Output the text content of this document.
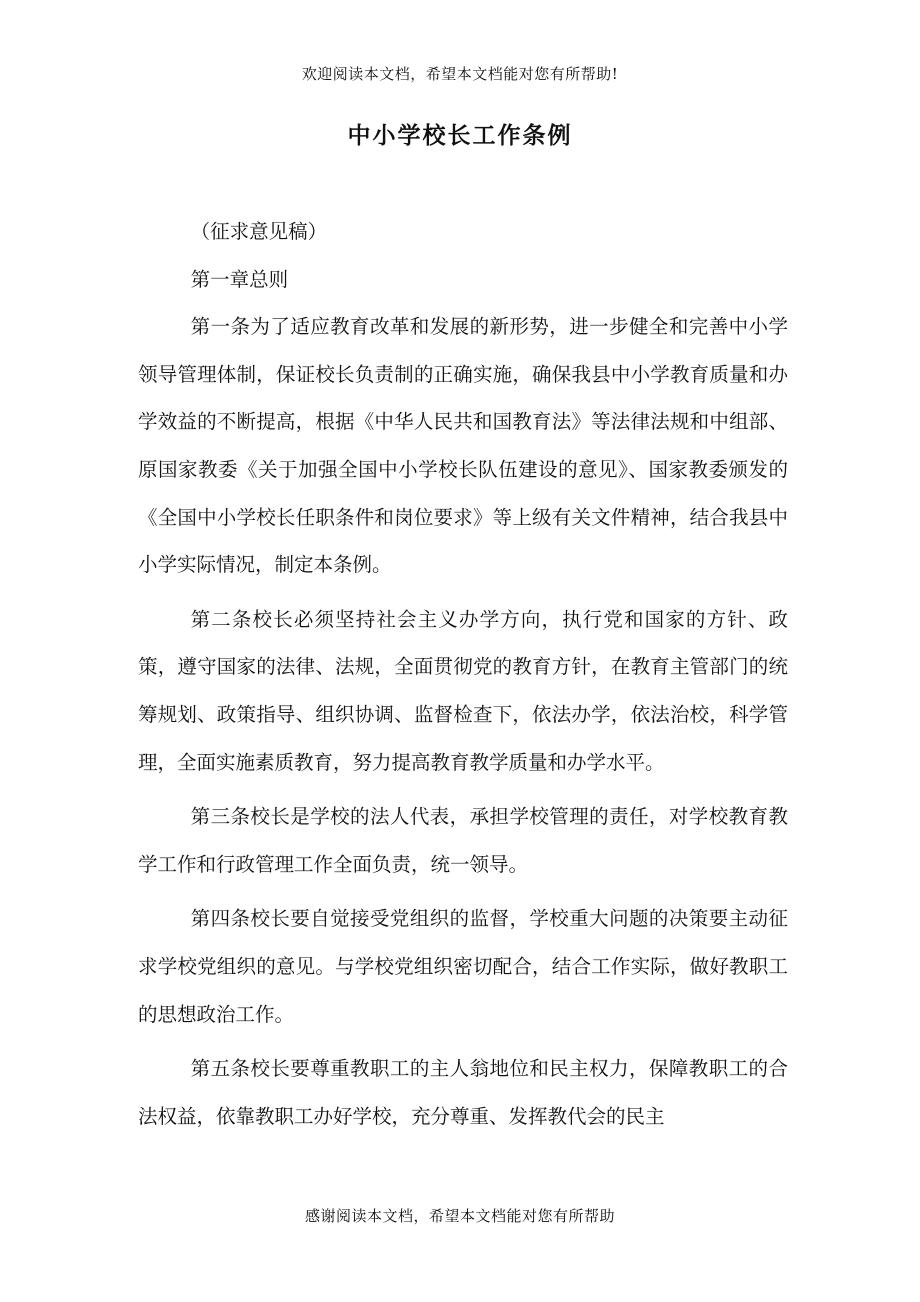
欢迎阅读本文档，希望本文档能对您有所帮助!
中小学校长工作条例

（征求意见稿）

第一章总则

第一条为了适应教育改革和发展的新形势，进一步健全和完善中小学领导管理体制，保证校长负责制的正确实施，确保我县中小学教育质量和办学效益的不断提高，根据《中华人民共和国教育法》等法律法规和中组部、原国家教委《关于加强全国中小学校长队伍建设的意见》、国家教委颁发的《全国中小学校长任职条件和岗位要求》等上级有关文件精神，结合我县中小学实际情况，制定本条例。

第二条校长必须坚持社会主义办学方向，执行党和国家的方针、政策，遵守国家的法律、法规，全面贯彻党的教育方针，在教育主管部门的统筹规划、政策指导、组织协调、监督检查下，依法办学，依法治校，科学管理，全面实施素质教育，努力提高教育教学质量和办学水平。

第三条校长是学校的法人代表，承担学校管理的责任，对学校教育教学工作和行政管理工作全面负责，统一领导。

第四条校长要自觉接受党组织的监督，学校重大问题的决策要主动征求学校党组织的意见。与学校党组织密切配合，结合工作实际，做好教职工的思想政治工作。

第五条校长要尊重教职工的主人翁地位和民主权力，保障教职工的合法权益，依靠教职工办好学校，充分尊重、发挥教代会的民主

感谢阅读本文档，希望本文档能对您有所帮助
